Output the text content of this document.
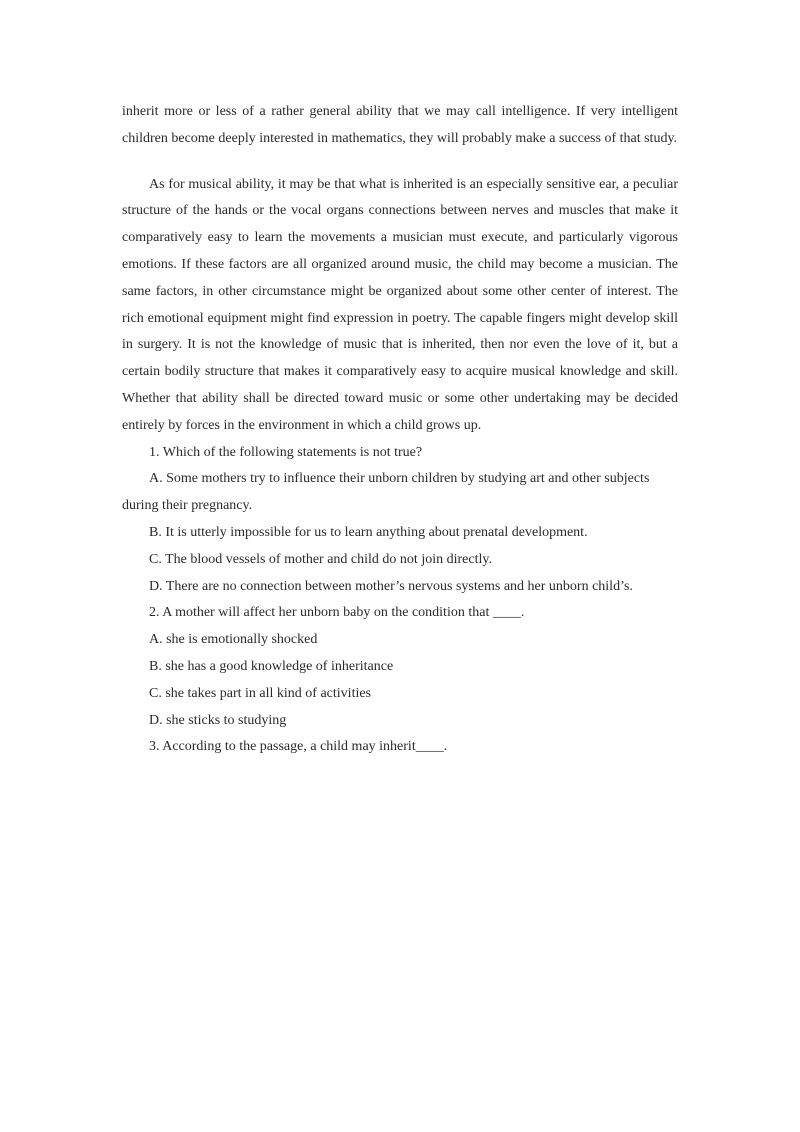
inherit more or less of a rather general ability that we may call intelligence. If very intelligent children become deeply interested in mathematics, they will probably make a success of that study.

As for musical ability, it may be that what is inherited is an especially sensitive ear, a peculiar structure of the hands or the vocal organs connections between nerves and muscles that make it comparatively easy to learn the movements a musician must execute, and particularly vigorous emotions. If these factors are all organized around music, the child may become a musician. The same factors, in other circumstance might be organized about some other center of interest. The rich emotional equipment might find expression in poetry. The capable fingers might develop skill in surgery. It is not the knowledge of music that is inherited, then nor even the love of it, but a certain bodily structure that makes it comparatively easy to acquire musical knowledge and skill. Whether that ability shall be directed toward music or some other undertaking may be decided entirely by forces in the environment in which a child grows up.

1. Which of the following statements is not true?

A. Some mothers try to influence their unborn children by studying art and other subjects during their pregnancy.

B. It is utterly impossible for us to learn anything about prenatal development.

C. The blood vessels of mother and child do not join directly.

D. There are no connection between mother’s nervous systems and her unborn child’s.

2. A mother will affect her unborn baby on the condition that ____.

A. she is emotionally shocked

B. she has a good knowledge of inheritance

C. she takes part in all kind of activities

D. she sticks to studying

3. According to the passage, a child may inherit____.
